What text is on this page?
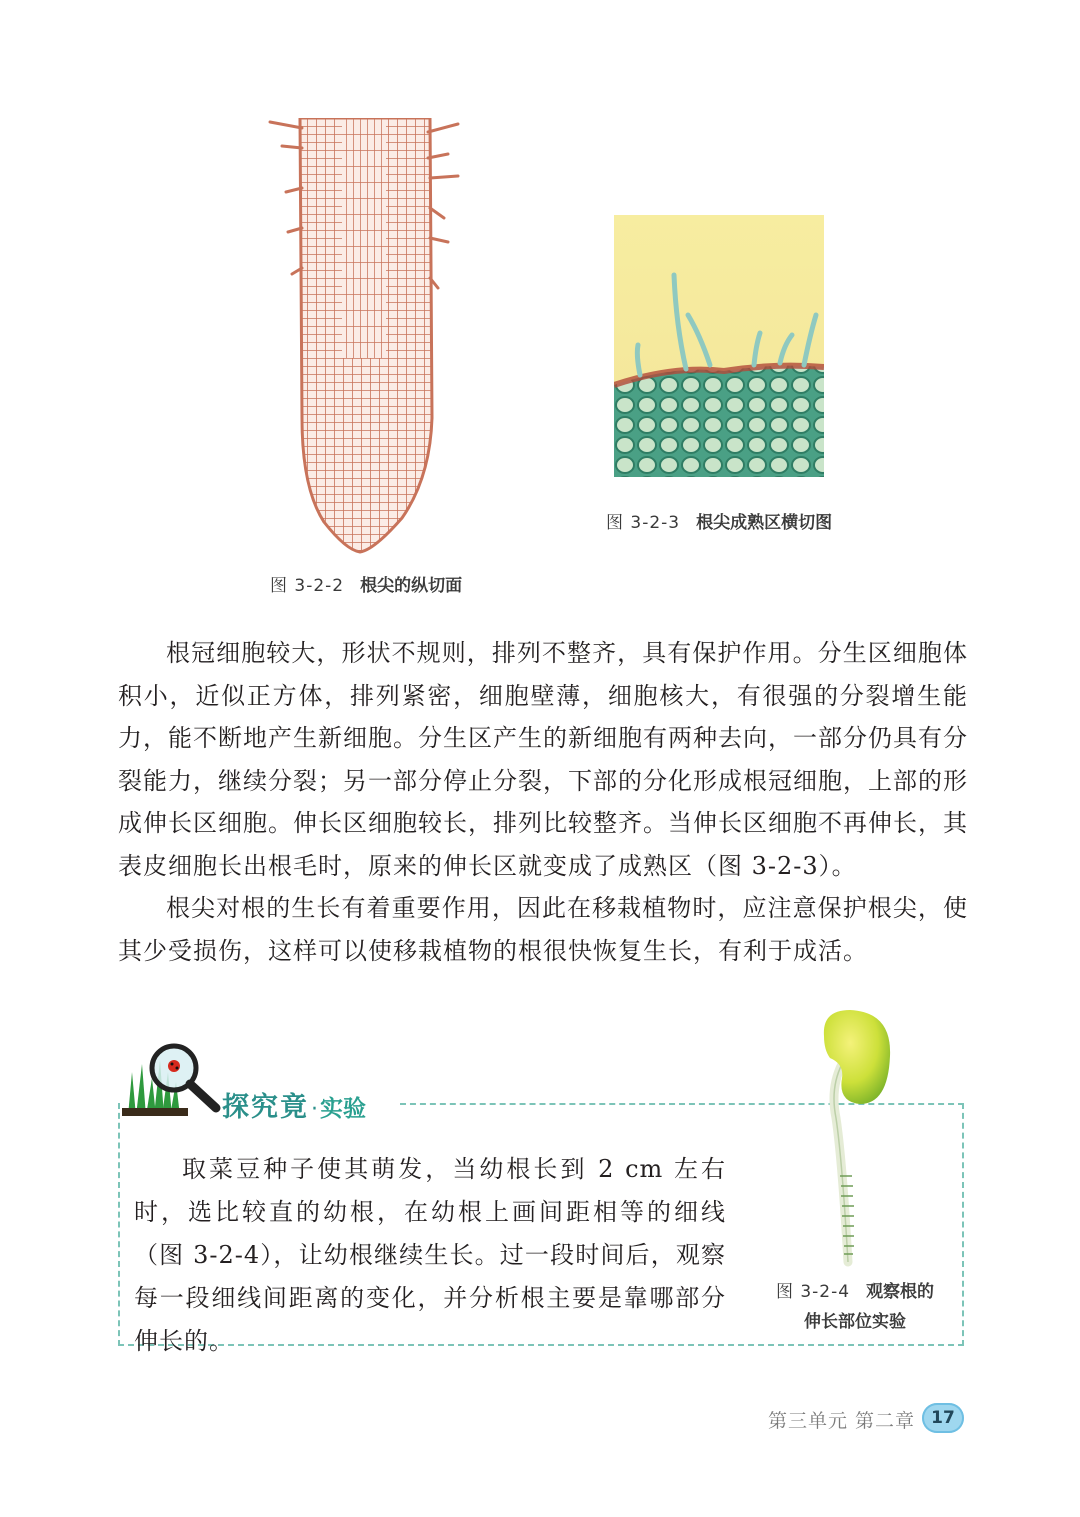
图 3-2-2 根尖的纵切面
图 3-2-3 根尖成熟区横切图

根冠细胞较大，形状不规则，排列不整齐，具有保护作用。分生区细胞体积小，近似正方体，排列紧密，细胞壁薄，细胞核大，有很强的分裂增生能力，能不断地产生新细胞。分生区产生的新细胞有两种去向，一部分仍具有分裂能力，继续分裂；另一部分停止分裂，下部的分化形成根冠细胞，上部的形成伸长区细胞。伸长区细胞较长，排列比较整齐。当伸长区细胞不再伸长，其表皮细胞长出根毛时，原来的伸长区就变成了成熟区（图 3-2-3）。

根尖对根的生长有着重要作用，因此在移栽植物时，应注意保护根尖，使其少受损伤，这样可以使移栽植物的根很快恢复生长，有利于成活。

探究竟·实验

取菜豆种子使其萌发，当幼根长到 2 cm 左右时，选比较直的幼根，在幼根上画间距相等的细线（图 3-2-4），让幼根继续生长。过一段时间后，观察每一段细线间距离的变化，并分析根主要是靠哪部分伸长的。

图 3-2-4 观察根的
伸长部位实验
第三单元 第二章 17
